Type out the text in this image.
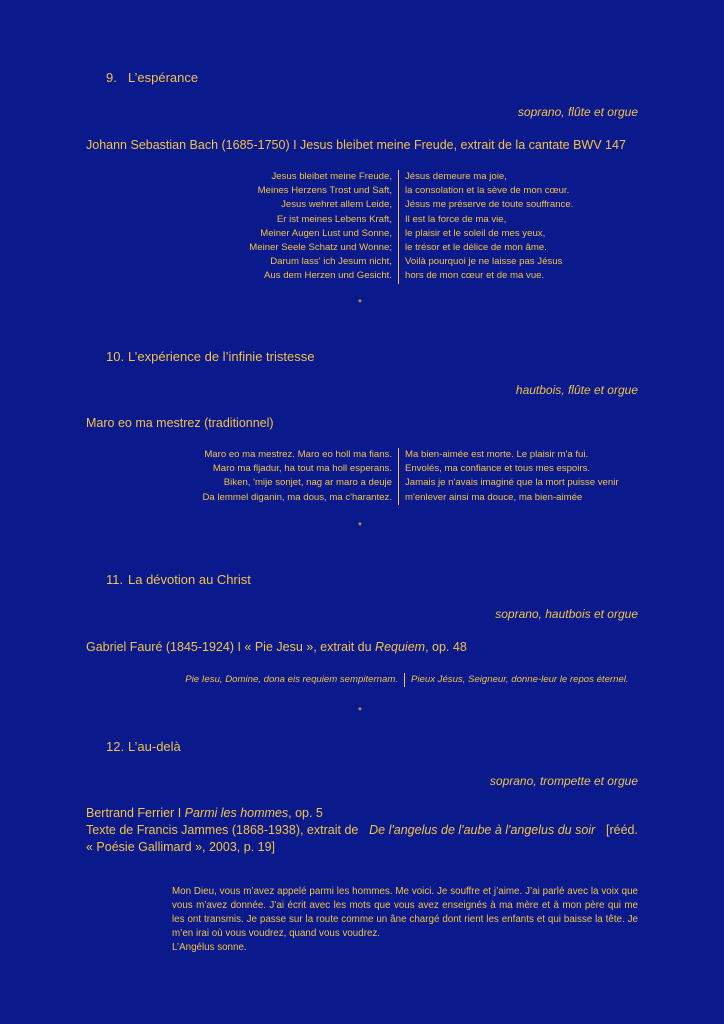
9. L’espérance
soprano, flûte et orgue
Johann Sebastian Bach (1685-1750) I Jesus bleibet meine Freude, extrait de la cantate BWV 147
Jesus bleibet meine Freude,
Meines Herzens Trost und Saft,
Jesus wehret allem Leide,
Er ist meines Lebens Kraft,
Meiner Augen Lust und Sonne,
Meiner Seele Schatz und Wonne;
Darum lass' ich Jesum nicht,
Aus dem Herzen und Gesicht.
Jésus demeure ma joie,
la consolation et la sève de mon cœur.
Jésus me préserve de toute souffrance.
Il est la force de ma vie,
le plaisir et le soleil de mes yeux,
le trésor et le délice de mon âme.
Voilà pourquoi je ne laisse pas Jésus
hors de mon cœur et de ma vue.
*
10. L’expérience de l’infinie tristesse
hautbois, flûte et orgue
Maro eo ma mestrez (traditionnel)
Maro eo ma mestrez. Maro eo holl ma fians.
Maro ma fljadur, ha tout ma holl esperans.
Biken, 'mije sonjet, nag ar maro a deuje
Da lemmel diganin, ma dous, ma c'harantez.
Ma bien-aimée est morte. Le plaisir m'a fui.
Envolés, ma confiance et tous mes espoirs.
Jamais je n'avais imaginé que la mort puisse venir
m'enlever ainsi ma douce, ma bien-aimée
*
11. La dévotion au Christ
soprano, hautbois et orgue
Gabriel Fauré (1845-1924) I « Pie Jesu », extrait du Requiem, op. 48
Pie Iesu, Domine, dona eis requiem sempiternam. Pieux Jésus, Seigneur, donne-leur le repos éternel.
*
12. L’au-delà
soprano, trompette et orgue
Bertrand Ferrier I Parmi les hommes, op. 5
Texte de Francis Jammes (1868-1938), extrait de De l'angelus de l'aube à l'angelus du soir [rééd.
« Poésie Gallimard », 2003, p. 19]
Mon Dieu, vous m’avez appelé parmi les hommes. Me voici. Je souffre et j’aime. J’ai parlé avec la voix que vous m’avez donnée. J’ai écrit avec les mots que vous avez enseignés à ma mère et à mon père qui me les ont transmis. Je passe sur la route comme un âne chargé dont rient les enfants et qui baisse la tête. Je m’en irai où vous voudrez, quand vous voudrez.
L’Angélus sonne.
